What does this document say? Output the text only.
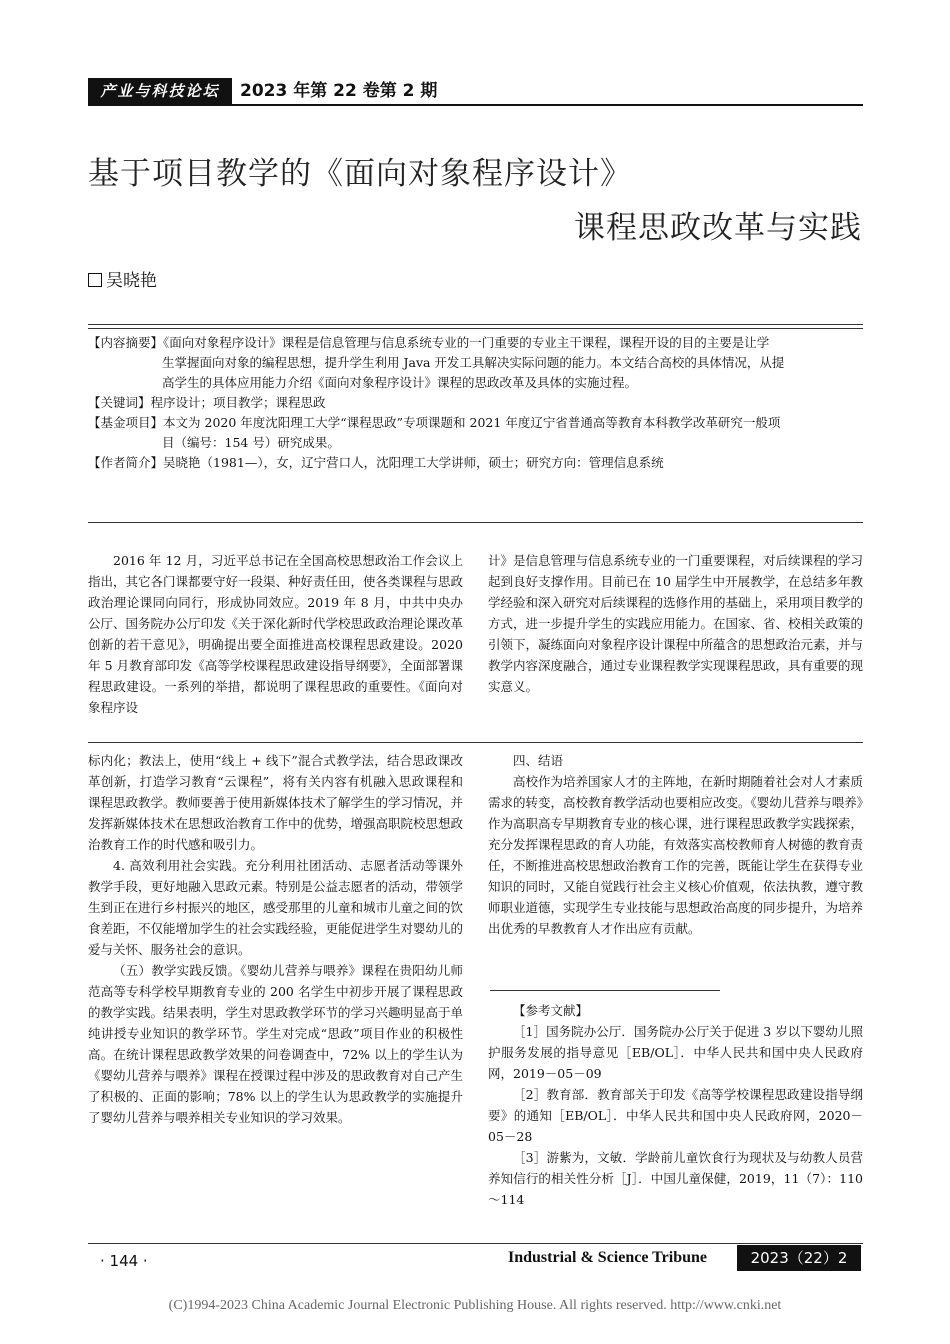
产业与科技论坛	2023 年第 22 卷第 2 期
基于项目教学的《面向对象程序设计》
课程思政改革与实践
吴晓艳
【内容摘要】《面向对象程序设计》课程是信息管理与信息系统专业的一门重要的专业主干课程，课程开设的目的主要是让学
生掌握面向对象的编程思想，提升学生利用 Java 开发工具解决实际问题的能力。本文结合高校的具体情况，从提
高学生的具体应用能力介绍《面向对象程序设计》课程的思政改革及具体的实施过程。
【关键词】程序设计；项目教学；课程思政
【基金项目】本文为 2020 年度沈阳理工大学“课程思政”专项课题和 2021 年度辽宁省普通高等教育本科教学改革研究一般项
目（编号：154 号）研究成果。
【作者简介】吴晓艳（1981—），女，辽宁营口人，沈阳理工大学讲师，硕士；研究方向：管理信息系统

2016 年 12 月，习近平总书记在全国高校思想政治工作会议上指出，其它各门课都要守好一段渠、种好责任田，使各类课程与思政政治理论课同向同行，形成协同效应。2019 年 8 月，中共中央办公厅、国务院办公厅印发《关于深化新时代学校思政政治理论课改革创新的若干意见》，明确提出要全面推进高校课程思政建设。2020 年 5 月教育部印发《高等学校课程思政建设指导纲要》，全面部署课程思政建设。一系列的举措，都说明了课程思政的重要性。《面向对象程序设

计》是信息管理与信息系统专业的一门重要课程，对后续课程的学习起到良好支撑作用。目前已在 10 届学生中开展教学，在总结多年教学经验和深入研究对后续课程的选修作用的基础上，采用项目教学的方式，进一步提升学生的实践应用能力。在国家、省、校相关政策的引领下，凝练面向对象程序设计课程中所蕴含的思想政治元素，并与教学内容深度融合，通过专业课程教学实现课程思政，具有重要的现实意义。

标内化；教法上，使用“线上 + 线下”混合式教学法，结合思政课改革创新，打造学习教育“云课程”，将有关内容有机融入思政课程和课程思政教学。教师要善于使用新媒体技术了解学生的学习情况，并发挥新媒体技术在思想政治教育工作中的优势，增强高职院校思想政治教育工作的时代感和吸引力。

4. 高效利用社会实践。充分利用社团活动、志愿者活动等课外教学手段，更好地融入思政元素。特别是公益志愿者的活动，带领学生到正在进行乡村振兴的地区，感受那里的儿童和城市儿童之间的饮食差距，不仅能增加学生的社会实践经验，更能促进学生对婴幼儿的爱与关怀、服务社会的意识。

（五）教学实践反馈。《婴幼儿营养与喂养》课程在贵阳幼儿师范高等专科学校早期教育专业的 200 名学生中初步开展了课程思政的教学实践。结果表明，学生对思政教学环节的学习兴趣明显高于单纯讲授专业知识的教学环节。学生对完成“思政”项目作业的积极性高。在统计课程思政教学效果的问卷调查中，72% 以上的学生认为《婴幼儿营养与喂养》课程在授课过程中涉及的思政教育对自己产生了积极的、正面的影响；78% 以上的学生认为思政教学的实施提升了婴幼儿营养与喂养相关专业知识的学习效果。

四、结语

高校作为培养国家人才的主阵地，在新时期随着社会对人才素质需求的转变，高校教育教学活动也要相应改变。《婴幼儿营养与喂养》作为高职高专早期教育专业的核心课，进行课程思政教学实践探索，充分发挥课程思政的育人功能，有效落实高校教师育人树德的教育责任，不断推进高校思想政治教育工作的完善，既能让学生在获得专业知识的同时，又能自觉践行社会主义核心价值观，依法执教，遵守教师职业道德，实现学生专业技能与思想政治高度的同步提升，为培养出优秀的早教教育人才作出应有贡献。

【参考文献】

［1］国务院办公厅．国务院办公厅关于促进 3 岁以下婴幼儿照护服务发展的指导意见［EB/OL］．中华人民共和国中央人民政府网，2019－05－09

［2］教育部．教育部关于印发《高等学校课程思政建设指导纲要》的通知［EB/OL］．中华人民共和国中央人民政府网，2020－05－28

［3］游紫为，文敏．学龄前儿童饮食行为现状及与幼教人员营养知信行的相关性分析［J］．中国儿童保健，2019，11（7）：110～114

· 144 ·	Industrial & Science Tribune	2023（22）2
(C)1994-2023 China Academic Journal Electronic Publishing House. All rights reserved. http://www.cnki.net
